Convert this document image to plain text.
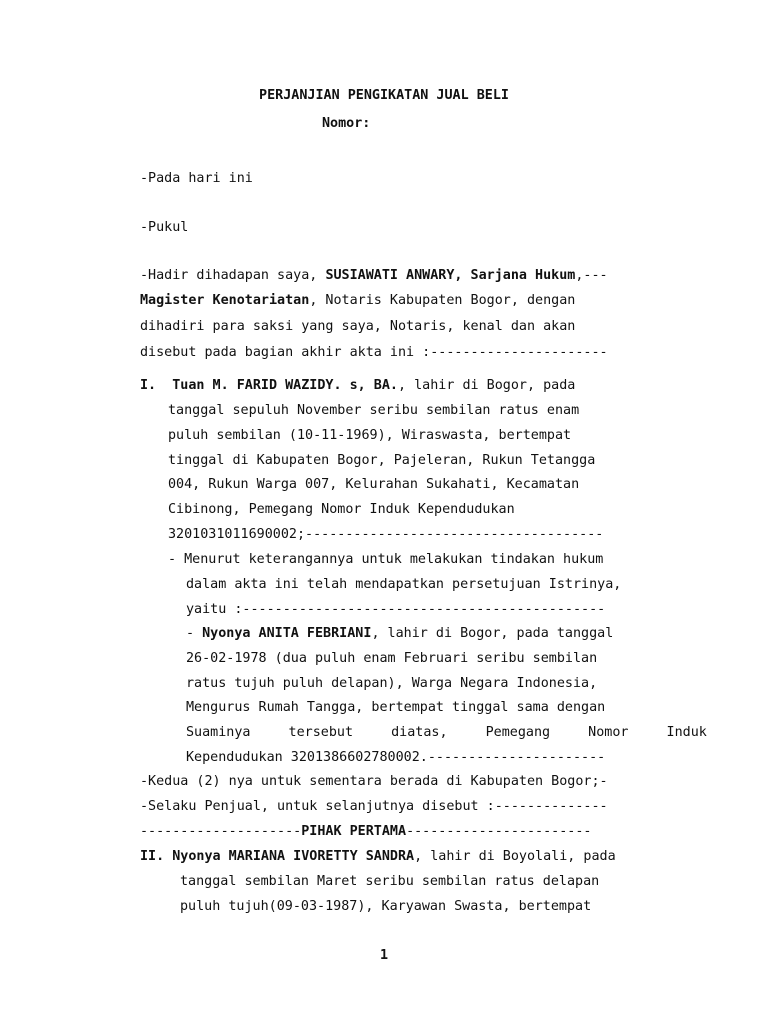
PERJANJIAN PENGIKATAN JUAL BELI
Nomor:
-Pada hari ini
-Pukul
-Hadir dihadapan saya, SUSIAWATI ANWARY, Sarjana Hukum,---
Magister Kenotariatan, Notaris Kabupaten Bogor, dengan
dihadiri para saksi yang saya, Notaris, kenal dan akan
disebut pada bagian akhir akta ini :----------------------
I. Tuan M. FARID WAZIDY. s, BA., lahir di Bogor, pada
tanggal sepuluh November seribu sembilan ratus enam
puluh sembilan (10-11-1969), Wiraswasta, bertempat
tinggal di Kabupaten Bogor, Pajeleran, Rukun Tetangga
004, Rukun Warga 007, Kelurahan Sukahati, Kecamatan
Cibinong, Pemegang Nomor Induk Kependudukan
3201031011690002;-------------------------------------
- Menurut keterangannya untuk melakukan tindakan hukum
dalam akta ini telah mendapatkan persetujuan Istrinya,
yaitu :---------------------------------------------
- Nyonya ANITA FEBRIANI, lahir di Bogor, pada tanggal
26-02-1978 (dua puluh enam Februari seribu sembilan
ratus tujuh puluh delapan), Warga Negara Indonesia,
Mengurus Rumah Tangga, bertempat tinggal sama dengan
Suaminya tersebut diatas, Pemegang Nomor Induk
Kependudukan 3201386602780002.----------------------
-Kedua (2) nya untuk sementara berada di Kabupaten Bogor;-
-Selaku Penjual, untuk selanjutnya disebut :--------------
--------------------PIHAK PERTAMA-----------------------
II. Nyonya MARIANA IVORETTY SANDRA, lahir di Boyolali, pada
tanggal sembilan Maret seribu sembilan ratus delapan
puluh tujuh(09-03-1987), Karyawan Swasta, bertempat
1
